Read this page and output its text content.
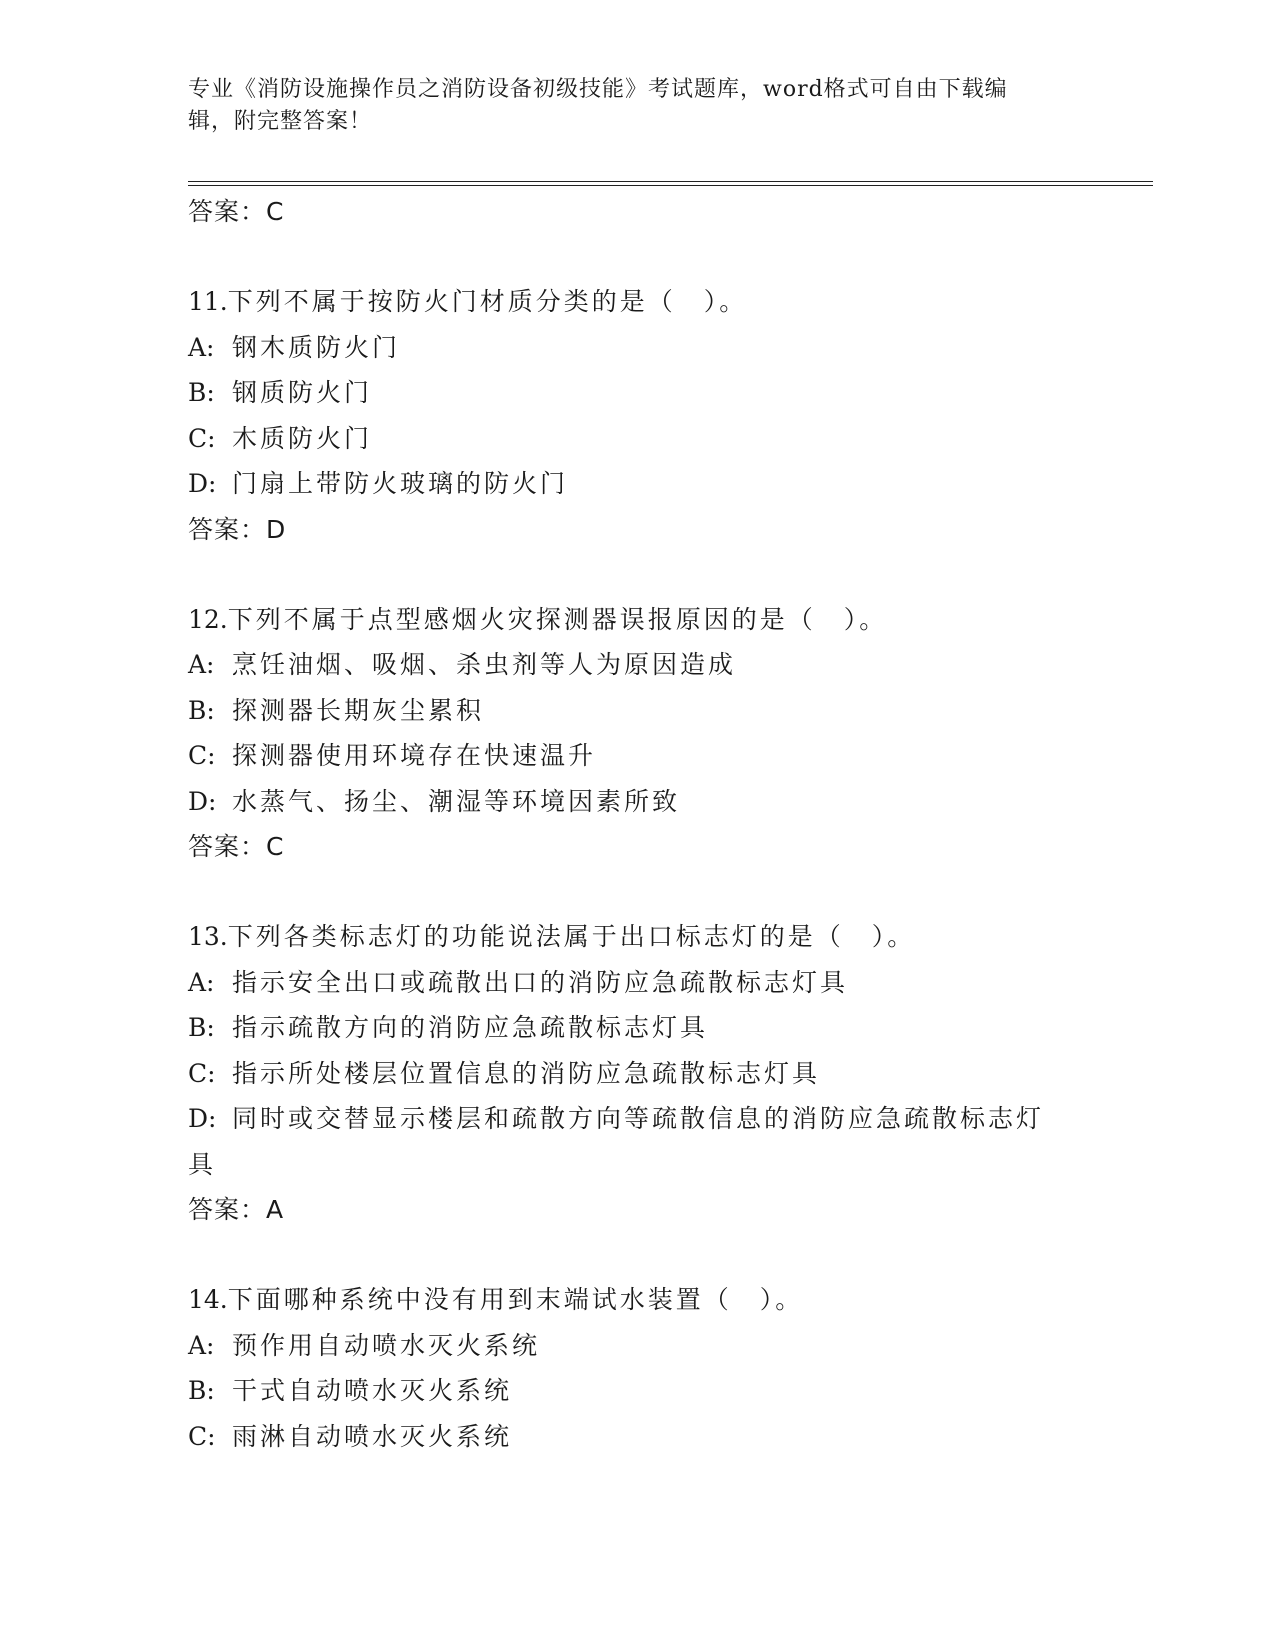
专业《消防设施操作员之消防设备初级技能》考试题库，word格式可自由下载编
辑，附完整答案！
答案：C
11.下列不属于按防火门材质分类的是（　）。
A: 钢木质防火门
B: 钢质防火门
C: 木质防火门
D: 门扇上带防火玻璃的防火门
答案：D
12.下列不属于点型感烟火灾探测器误报原因的是（　）。
A: 烹饪油烟、吸烟、杀虫剂等人为原因造成
B: 探测器长期灰尘累积
C: 探测器使用环境存在快速温升
D: 水蒸气、扬尘、潮湿等环境因素所致
答案：C
13.下列各类标志灯的功能说法属于出口标志灯的是（　）。
A: 指示安全出口或疏散出口的消防应急疏散标志灯具
B: 指示疏散方向的消防应急疏散标志灯具
C: 指示所处楼层位置信息的消防应急疏散标志灯具
D: 同时或交替显示楼层和疏散方向等疏散信息的消防应急疏散标志灯
具
答案：A
14.下面哪种系统中没有用到末端试水装置（　）。
A: 预作用自动喷水灭火系统
B: 干式自动喷水灭火系统
C: 雨淋自动喷水灭火系统
